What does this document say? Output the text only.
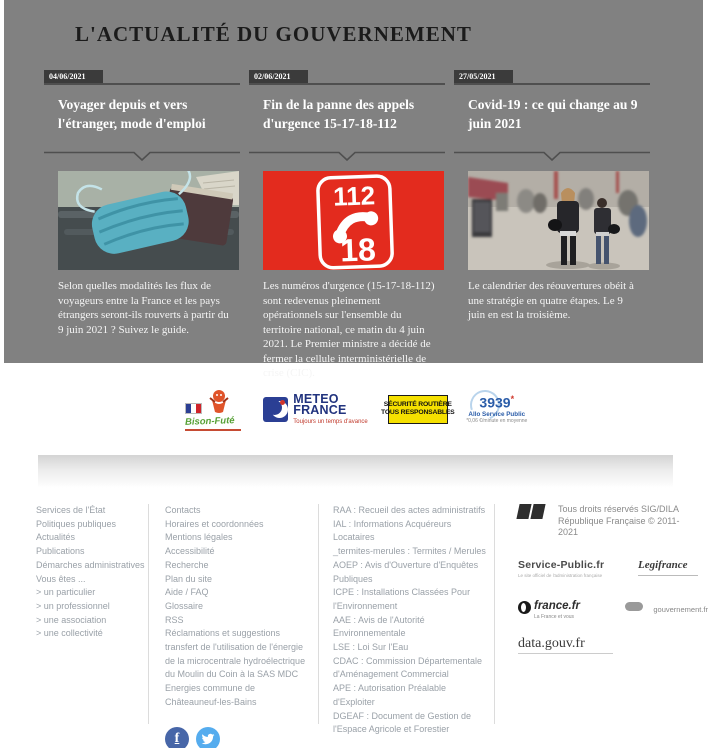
L'ACTUALITÉ DU GOUVERNEMENT
04/06/2021
Voyager depuis et vers l'étranger, mode d'emploi

Selon quelles modalités les flux de voyageurs entre la France et les pays étrangers seront-ils rouverts à partir du 9 juin 2021 ? Suivez le guide.

02/06/2021
Fin de la panne des appels d'urgence 15-17-18-112
112
18

Les numéros d'urgence (15-17-18-112) sont redevenus pleinement opérationnels sur l'ensemble du territoire national, ce matin du 4 juin 2021. Le Premier ministre a décidé de fermer la cellule interministérielle de crise (CIC).

27/05/2021
Covid-19 : ce qui change au 9 juin 2021

Le calendrier des réouvertures obéit à une stratégie en quatre étapes. Le 9 juin en est la troisième.

Bison-Futé
METEO
FRANCE
Toujours un temps d'avance
SÉCURITÉ ROUTIÈRE
TOUS RESPONSABLES
3939*
Allo Service Public
*0,06 €/minute en moyenne
Services de l'État
Politiques publiques
Actualités
Publications
Démarches administratives
Vous êtes ...
> un particulier
> un professionnel
> une association
> une collectivité
Contacts
Horaires et coordonnées
Mentions légales
Accessibilité
Recherche
Plan du site
Aide / FAQ
Glossaire
RSS
Réclamations et suggestions
transfert de l'utilisation de l'énergie de la microcentrale hydroélectrique du Moulin du Coin à la SAS MDC Energies commune de Châteauneuf-les-Bains
RAA : Recueil des actes administratifs
IAL : Informations Acquéreurs Locataires
_termites-merules : Termites / Merules
AOEP : Avis d'Ouverture d'Enquêtes Publiques
ICPE : Installations Classées Pour l'Environnement
AAE : Avis de l'Autorité Environnementale
LSE : Loi Sur l'Eau
CDAC : Commission Départementale d'Aménagement Commercial
APE : Autorisation Préalable d'Exploiter
DGEAF : Document de Gestion de l'Espace Agricole et Forestier
Tous droits réservés SIG/DILA République Française © 2011-2021
Service-Public.fr
Le site officiel de l'administration française
Legifrance
france.fr
La France et vous
gouvernement.fr
data.gouv.fr
f
